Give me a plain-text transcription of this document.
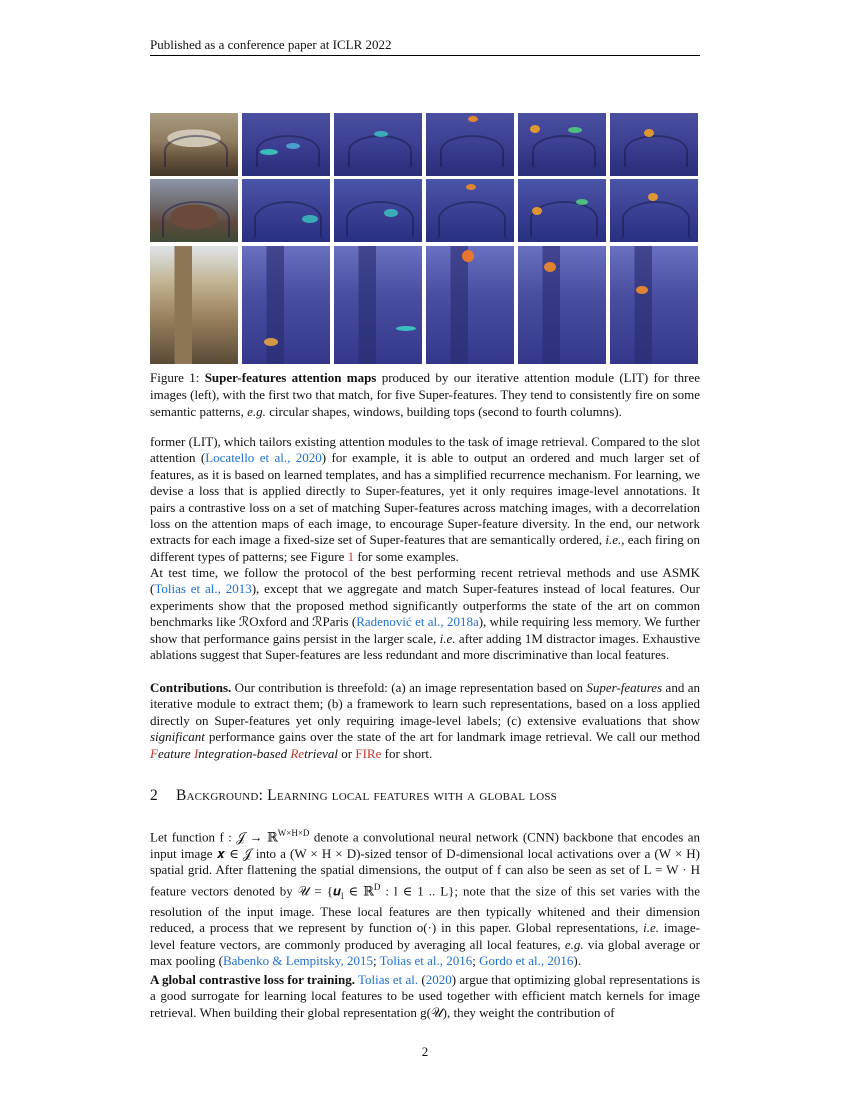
Published as a conference paper at ICLR 2022
Figure 1: Super-features attention maps produced by our iterative attention module (LIT) for three images (left), with the first two that match, for five Super-features. They tend to consistently fire on some semantic patterns, e.g. circular shapes, windows, building tops (second to fourth columns).

former (LIT), which tailors existing attention modules to the task of image retrieval. Compared to the slot attention (Locatello et al., 2020) for example, it is able to output an ordered and much larger set of features, as it is based on learned templates, and has a simplified recurrence mechanism. For learning, we devise a loss that is applied directly to Super-features, yet it only requires image-level annotations. It pairs a contrastive loss on a set of matching Super-features across matching images, with a decorrelation loss on the attention maps of each image, to encourage Super-feature diversity. In the end, our network extracts for each image a fixed-size set of Super-features that are semantically ordered, i.e., each firing on different types of patterns; see Figure 1 for some examples.

At test time, we follow the protocol of the best performing recent retrieval methods and use ASMK (Tolias et al., 2013), except that we aggregate and match Super-features instead of local features. Our experiments show that the proposed method significantly outperforms the state of the art on common benchmarks like ℛOxford and ℛParis (Radenović et al., 2018a), while requiring less memory. We further show that performance gains persist in the larger scale, i.e. after adding 1M distractor images. Exhaustive ablations suggest that Super-features are less redundant and more discriminative than local features.

Contributions. Our contribution is threefold: (a) an image representation based on Super-features and an iterative module to extract them; (b) a framework to learn such representations, based on a loss applied directly on Super-features yet only requiring image-level labels; (c) extensive evaluations that show significant performance gains over the state of the art for landmark image retrieval. We call our method Feature Integration-based Retrieval or FIRe for short.

2 Background: Learning local features with a global loss

Let function f : 𝒥 → ℝ$^{W\times H\times D}$ denote a convolutional neural network (CNN) backbone that encodes an input image 𝒙 ∈ 𝒥 into a (W × H × D)-sized tensor of D-dimensional local activations over a (W × H) spatial grid. After flattening the spatial dimensions, the output of f can also be seen as set of L = W · H feature vectors denoted by 𝒰 = {𝒖$_l$ ∈ ℝ$^D$ : l ∈ 1 .. L}; note that the size of this set varies with the resolution of the input image. These local features are then typically whitened and their dimension reduced, a process that we represent by function o(·) in this paper. Global representations, i.e. image-level feature vectors, are commonly produced by averaging all local features, e.g. via global average or max pooling (Babenko & Lempitsky, 2015; Tolias et al., 2016; Gordo et al., 2016).

A global contrastive loss for training. Tolias et al. (2020) argue that optimizing global representations is a good surrogate for learning local features to be used together with efficient match kernels for image retrieval. When building their global representation g(𝒰), they weight the contribution of

2
